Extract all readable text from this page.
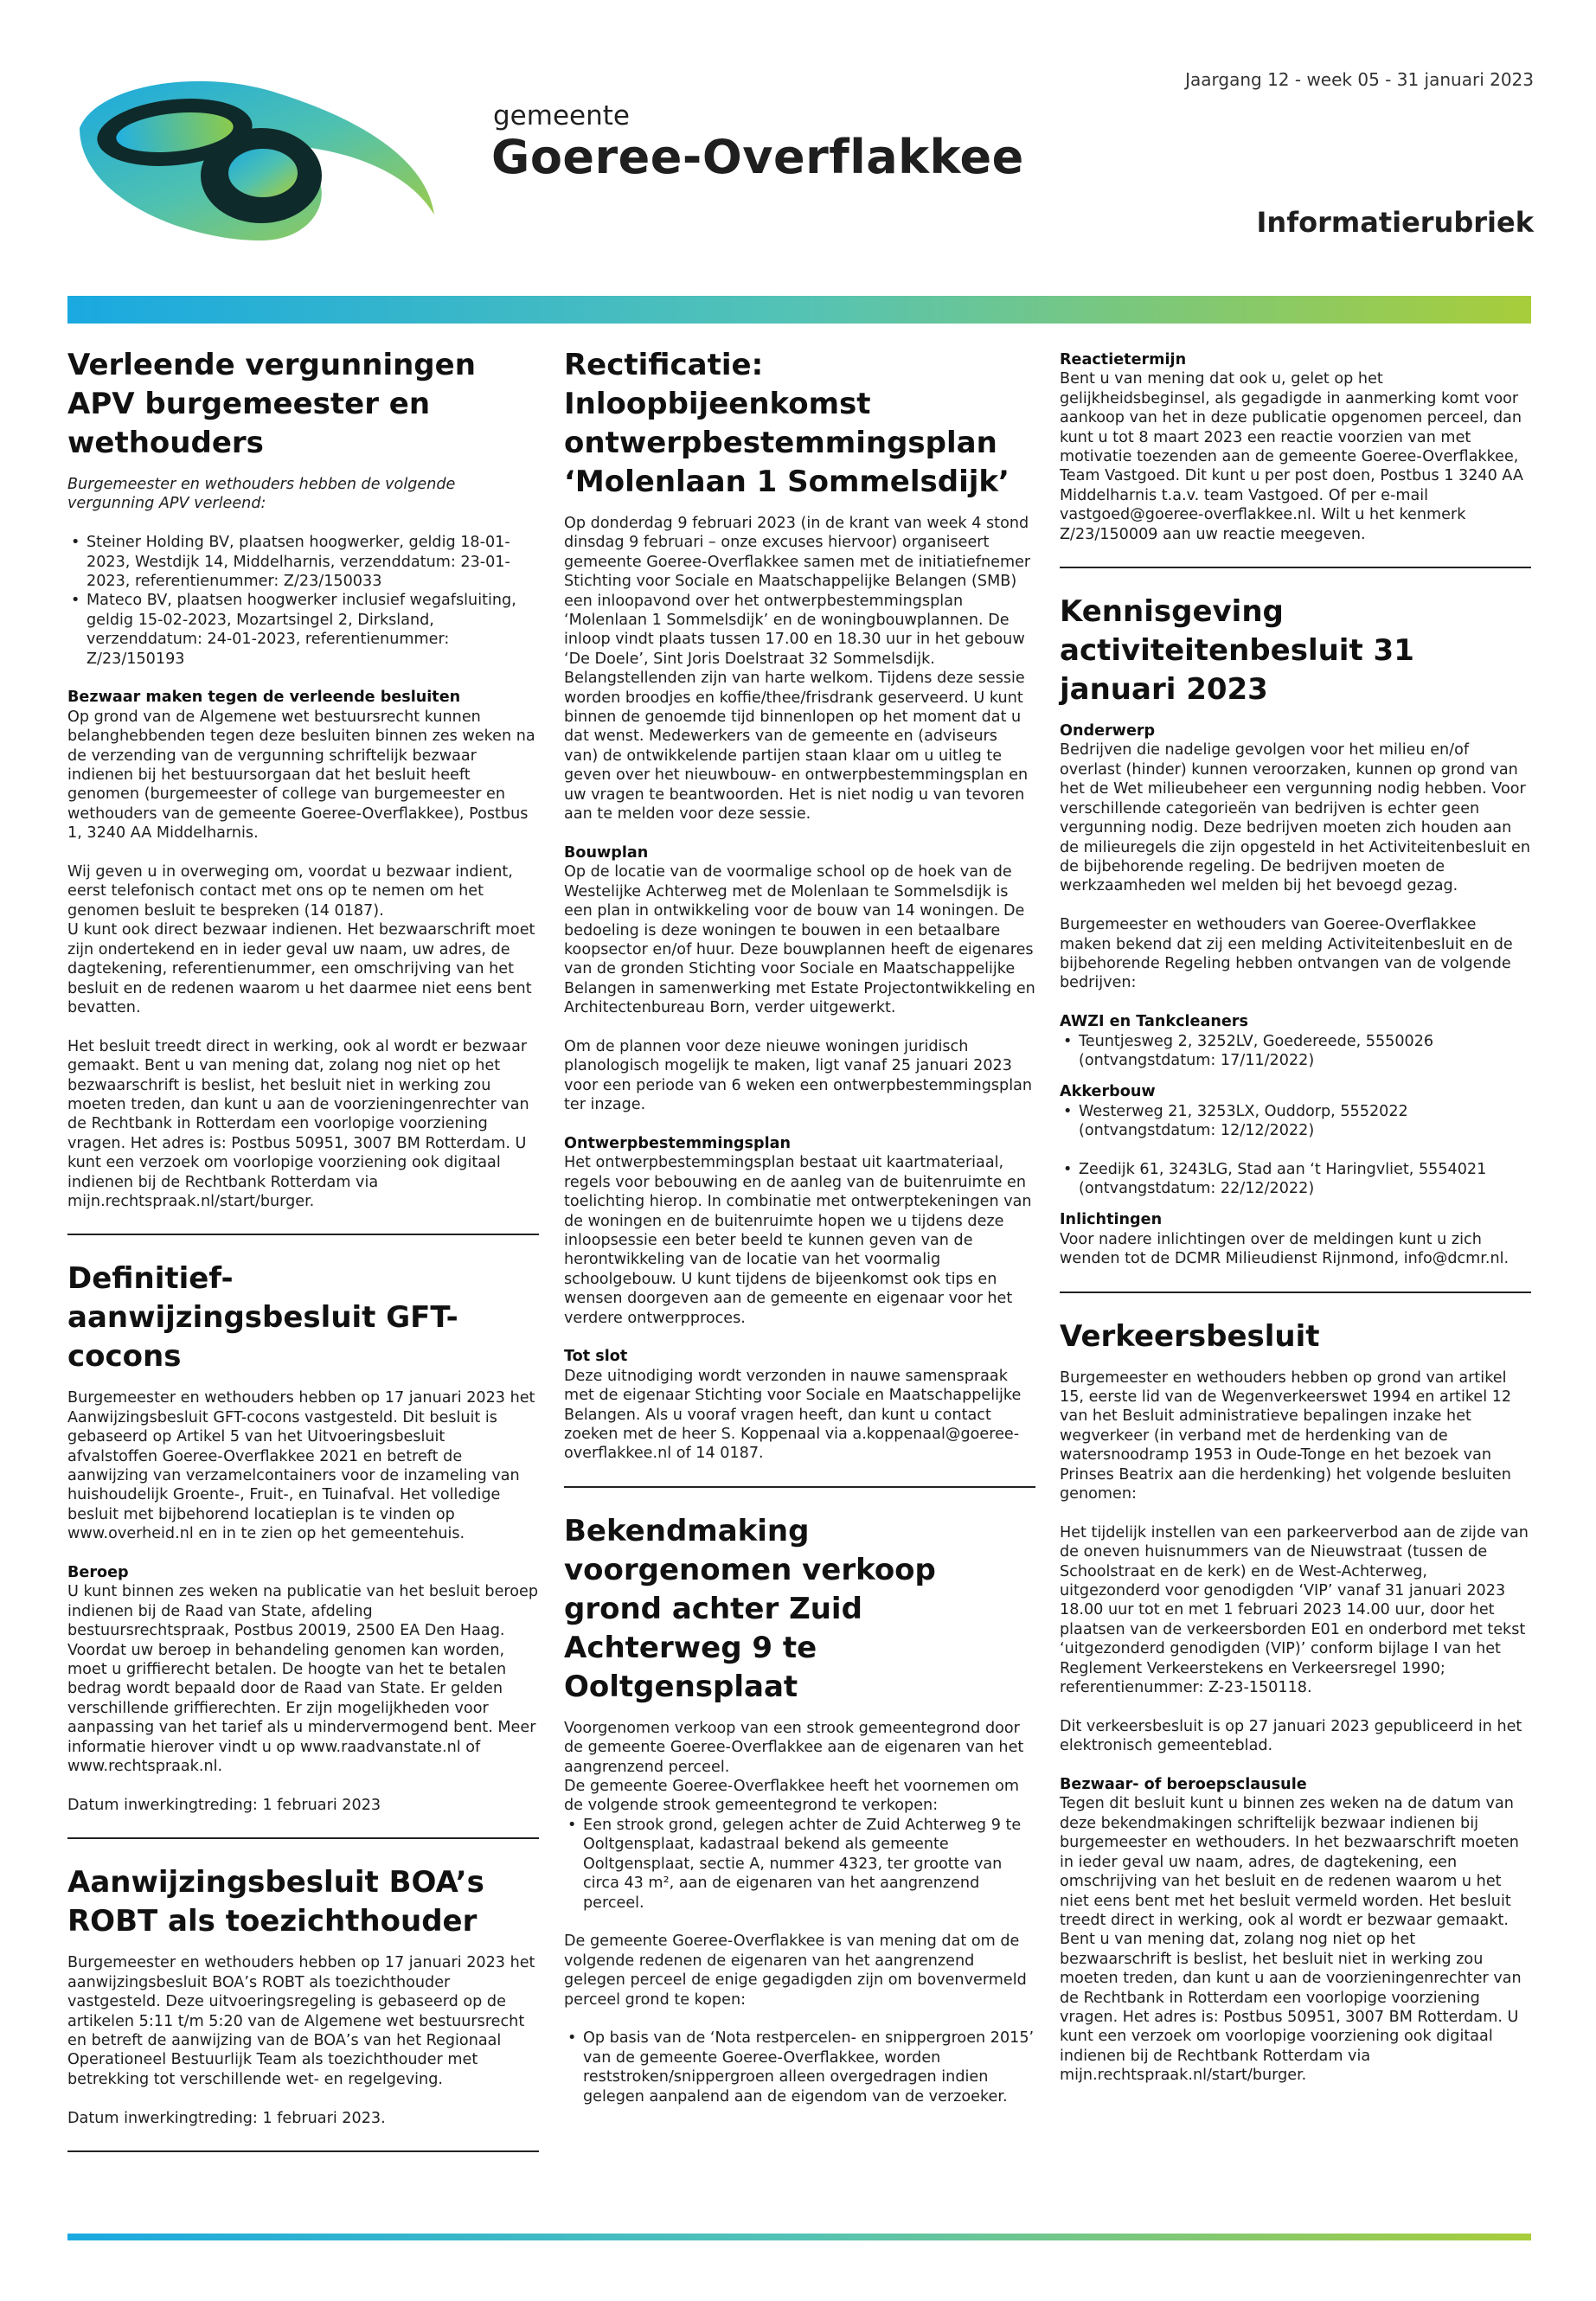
gemeente
Goeree-Overflakkee
Jaargang 12 - week 05 - 31 januari 2023
Informatierubriek
Verleende vergunningen APV burgemeester en wethouders

Burgemeester en wethouders hebben de volgende vergunning APV verleend:

• Steiner Holding BV, plaatsen hoogwerker, geldig 18-01-2023, Westdijk 14, Middelharnis, verzenddatum: 23-01-2023, referentienummer: Z/23/150033
• Mateco BV, plaatsen hoogwerker inclusief wegafsluiting, geldig 15-02-2023, Mozartsingel 2, Dirksland, verzenddatum: 24-01-2023, referentienummer: Z/23/150193
Bezwaar maken tegen de verleende besluiten

Op grond van de Algemene wet bestuursrecht kunnen belanghebbenden tegen deze besluiten binnen zes weken na de verzending van de vergunning schriftelijk bezwaar indienen bij het bestuursorgaan dat het besluit heeft genomen (burgemeester of college van burgemeester en wethouders van de gemeente Goeree-Overflakkee), Postbus 1, 3240 AA Middelharnis.

Wij geven u in overweging om, voordat u bezwaar indient, eerst telefonisch contact met ons op te nemen om het genomen besluit te bespreken (14 0187).

U kunt ook direct bezwaar indienen. Het bezwaarschrift moet zijn ondertekend en in ieder geval uw naam, uw adres, de dagtekening, referentienummer, een omschrijving van het besluit en de redenen waarom u het daarmee niet eens bent bevatten.

Het besluit treedt direct in werking, ook al wordt er bezwaar gemaakt. Bent u van mening dat, zolang nog niet op het bezwaarschrift is beslist, het besluit niet in werking zou moeten treden, dan kunt u aan de voorzieningenrechter van de Rechtbank in Rotterdam een voorlopige voorziening vragen. Het adres is: Postbus 50951, 3007 BM Rotterdam. U kunt een verzoek om voorlopige voorziening ook digitaal indienen bij de Rechtbank Rotterdam via mijn.rechtspraak.nl/start/burger.

Definitief-aanwijzingsbesluit GFT-cocons

Burgemeester en wethouders hebben op 17 januari 2023 het Aanwijzingsbesluit GFT-cocons vastgesteld. Dit besluit is gebaseerd op Artikel 5 van het Uitvoeringsbesluit afvalstoffen Goeree-Overflakkee 2021 en betreft de aanwijzing van verzamelcontainers voor de inzameling van huishoudelijk Groente-, Fruit-, en Tuinafval. Het volledige besluit met bijbehorend locatieplan is te vinden op www.overheid.nl en in te zien op het gemeentehuis.

Beroep

U kunt binnen zes weken na publicatie van het besluit beroep indienen bij de Raad van State, afdeling bestuursrechtspraak, Postbus 20019, 2500 EA Den Haag. Voordat uw beroep in behandeling genomen kan worden, moet u griffierecht betalen. De hoogte van het te betalen bedrag wordt bepaald door de Raad van State. Er gelden verschillende griffierechten. Er zijn mogelijkheden voor aanpassing van het tarief als u mindervermogend bent. Meer informatie hierover vindt u op www.raadvanstate.nl of www.rechtspraak.nl.

Datum inwerkingtreding: 1 februari 2023

Aanwijzingsbesluit BOA’s ROBT als toezichthouder

Burgemeester en wethouders hebben op 17 januari 2023 het aanwijzingsbesluit BOA’s ROBT als toezichthouder vastgesteld. Deze uitvoeringsregeling is gebaseerd op de artikelen 5:11 t/m 5:20 van de Algemene wet bestuursrecht en betreft de aanwijzing van de BOA’s van het Regionaal Operationeel Bestuurlijk Team als toezichthouder met betrekking tot verschillende wet- en regelgeving.

Datum inwerkingtreding: 1 februari 2023.

Rectificatie: Inloopbijeenkomst ontwerpbestemmingsplan ‘Molenlaan 1 Sommelsdijk’

Op donderdag 9 februari 2023 (in de krant van week 4 stond dinsdag 9 februari – onze excuses hiervoor) organiseert gemeente Goeree-Overflakkee samen met de initiatiefnemer Stichting voor Sociale en Maatschappelijke Belangen (SMB) een inloopavond over het ontwerpbestemmingsplan ‘Molenlaan 1 Sommelsdijk’ en de woningbouwplannen. De inloop vindt plaats tussen 17.00 en 18.30 uur in het gebouw ‘De Doele’, Sint Joris Doelstraat 32 Sommelsdijk. Belangstellenden zijn van harte welkom. Tijdens deze sessie worden broodjes en koffie/thee/frisdrank geserveerd. U kunt binnen de genoemde tijd binnenlopen op het moment dat u dat wenst. Medewerkers van de gemeente en (adviseurs van) de ontwikkelende partijen staan klaar om u uitleg te geven over het nieuwbouw- en ontwerpbestemmingsplan en uw vragen te beantwoorden. Het is niet nodig u van tevoren aan te melden voor deze sessie.

Bouwplan

Op de locatie van de voormalige school op de hoek van de Westelijke Achterweg met de Molenlaan te Sommelsdijk is een plan in ontwikkeling voor de bouw van 14 woningen. De bedoeling is deze woningen te bouwen in een betaalbare koopsector en/of huur. Deze bouwplannen heeft de eigenares van de gronden Stichting voor Sociale en Maatschappelijke Belangen in samenwerking met Estate Projectontwikkeling en Architectenbureau Born, verder uitgewerkt.

Om de plannen voor deze nieuwe woningen juridisch planologisch mogelijk te maken, ligt vanaf 25 januari 2023 voor een periode van 6 weken een ontwerpbestemmingsplan ter inzage.

Ontwerpbestemmingsplan

Het ontwerpbestemmingsplan bestaat uit kaartmateriaal, regels voor bebouwing en de aanleg van de buitenruimte en toelichting hierop. In combinatie met ontwerptekeningen van de woningen en de buitenruimte hopen we u tijdens deze inloopsessie een beter beeld te kunnen geven van de herontwikkeling van de locatie van het voormalig schoolgebouw. U kunt tijdens de bijeenkomst ook tips en wensen doorgeven aan de gemeente en eigenaar voor het verdere ontwerpproces.

Tot slot

Deze uitnodiging wordt verzonden in nauwe samenspraak met de eigenaar Stichting voor Sociale en Maatschappelijke Belangen. Als u vooraf vragen heeft, dan kunt u contact zoeken met de heer S. Koppenaal via a.koppenaal@goeree-overflakkee.nl of 14 0187.

Bekendmaking voorgenomen verkoop grond achter Zuid Achterweg 9 te Ooltgensplaat

Voorgenomen verkoop van een strook gemeentegrond door de gemeente Goeree-Overflakkee aan de eigenaren van het aangrenzend perceel.

De gemeente Goeree-Overflakkee heeft het voornemen om de volgende strook gemeentegrond te verkopen:

• Een strook grond, gelegen achter de Zuid Achterweg 9 te Ooltgensplaat, kadastraal bekend als gemeente Ooltgensplaat, sectie A, nummer 4323, ter grootte van circa 43 m², aan de eigenaren van het aangrenzend perceel.

De gemeente Goeree-Overflakkee is van mening dat om de volgende redenen de eigenaren van het aangrenzend gelegen perceel de enige gegadigden zijn om bovenvermeld perceel grond te kopen:

• Op basis van de ‘Nota restpercelen- en snippergroen 2015’ van de gemeente Goeree-Overflakkee, worden reststroken/snippergroen alleen overgedragen indien gelegen aanpalend aan de eigendom van de verzoeker.
Reactietermijn

Bent u van mening dat ook u, gelet op het gelijkheidsbeginsel, als gegadigde in aanmerking komt voor aankoop van het in deze publicatie opgenomen perceel, dan kunt u tot 8 maart 2023 een reactie voorzien van met motivatie toezenden aan de gemeente Goeree-Overflakkee, Team Vastgoed. Dit kunt u per post doen, Postbus 1 3240 AA Middelharnis t.a.v. team Vastgoed. Of per e-mail vastgoed@goeree-overflakkee.nl. Wilt u het kenmerk Z/23/150009 aan uw reactie meegeven.

Kennisgeving activiteitenbesluit 31 januari 2023
Onderwerp

Bedrijven die nadelige gevolgen voor het milieu en/of overlast (hinder) kunnen veroorzaken, kunnen op grond van het de Wet milieubeheer een vergunning nodig hebben. Voor verschillende categorieën van bedrijven is echter geen vergunning nodig. Deze bedrijven moeten zich houden aan de milieuregels die zijn opgesteld in het Activiteitenbesluit en de bijbehorende regeling. De bedrijven moeten de werkzaamheden wel melden bij het bevoegd gezag.

Burgemeester en wethouders van Goeree-Overflakkee maken bekend dat zij een melding Activiteitenbesluit en de bijbehorende Regeling hebben ontvangen van de volgende bedrijven:

AWZI en Tankcleaners
• Teuntjesweg 2, 3252LV, Goedereede, 5550026 (ontvangstdatum: 17/11/2022)
Akkerbouw
• Westerweg 21, 3253LX, Ouddorp, 5552022 (ontvangstdatum: 12/12/2022)
• Zeedijk 61, 3243LG, Stad aan ‘t Haringvliet, 5554021 (ontvangstdatum: 22/12/2022)
Inlichtingen

Voor nadere inlichtingen over de meldingen kunt u zich wenden tot de DCMR Milieudienst Rijnmond, info@dcmr.nl.

Verkeersbesluit

Burgemeester en wethouders hebben op grond van artikel 15, eerste lid van de Wegenverkeerswet 1994 en artikel 12 van het Besluit administratieve bepalingen inzake het wegverkeer (in verband met de herdenking van de watersnoodramp 1953 in Oude-Tonge en het bezoek van Prinses Beatrix aan die herdenking) het volgende besluiten genomen:

Het tijdelijk instellen van een parkeerverbod aan de zijde van de oneven huisnummers van de Nieuwstraat (tussen de Schoolstraat en de kerk) en de West-Achterweg, uitgezonderd voor genodigden ‘VIP’ vanaf 31 januari 2023 18.00 uur tot en met 1 februari 2023 14.00 uur, door het plaatsen van de verkeersborden E01 en onderbord met tekst ‘uitgezonderd genodigden (VIP)’ conform bijlage I van het Reglement Verkeerstekens en Verkeersregel 1990; referentienummer: Z-23-150118.

Dit verkeersbesluit is op 27 januari 2023 gepubliceerd in het elektronisch gemeenteblad.

Bezwaar- of beroepsclausule

Tegen dit besluit kunt u binnen zes weken na de datum van deze bekendmakingen schriftelijk bezwaar indienen bij burgemeester en wethouders. In het bezwaarschrift moeten in ieder geval uw naam, adres, de dagtekening, een omschrijving van het besluit en de redenen waarom u het niet eens bent met het besluit vermeld worden. Het besluit treedt direct in werking, ook al wordt er bezwaar gemaakt. Bent u van mening dat, zolang nog niet op het bezwaarschrift is beslist, het besluit niet in werking zou moeten treden, dan kunt u aan de voorzieningenrechter van de Rechtbank in Rotterdam een voorlopige voorziening vragen. Het adres is: Postbus 50951, 3007 BM Rotterdam. U kunt een verzoek om voorlopige voorziening ook digitaal indienen bij de Rechtbank Rotterdam via mijn.rechtspraak.nl/start/burger.
